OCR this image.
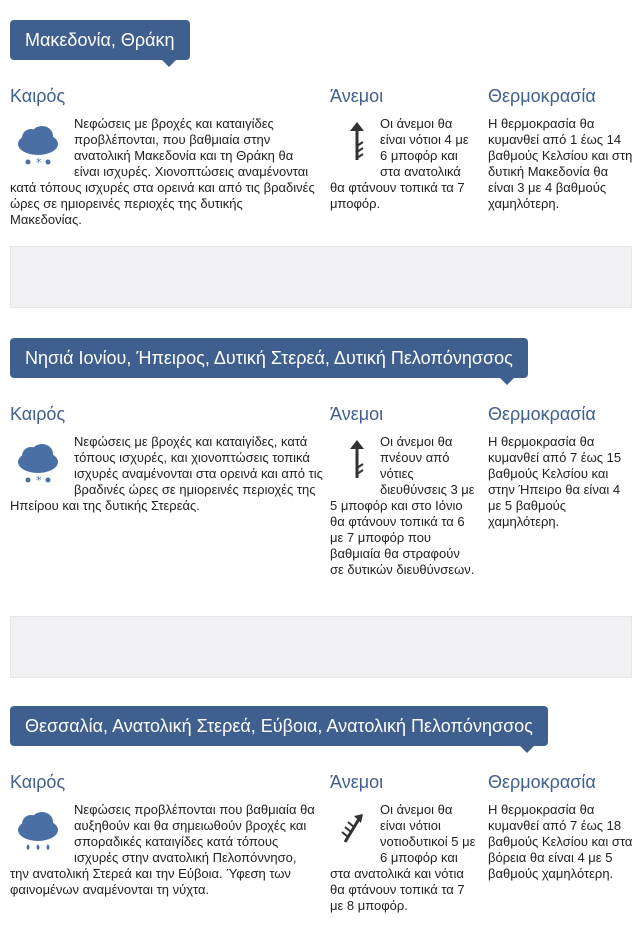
Μακεδονία, Θράκη
Καιρός
*
Νεφώσεις με βροχές και καταιγίδες προβλέπονται, που βαθμιαία στην ανατολική Μακεδονία και τη Θράκη θα είναι ισχυρές. Χιονοπτώσεις αναμένονται κατά τόπους ισχυρές στα ορεινά και από τις βραδινές ώρες σε ημιορεινές περιοχές της δυτικής Μακεδονίας.
Άνεμοι
Οι άνεμοι θα είναι νότιοι 4 με 6 μποφόρ και στα ανατολικά θα φτάνουν τοπικά τα 7 μποφόρ.
Θερμοκρασία
Η θερμοκρασία θα κυμανθεί από 1 έως 14 βαθμούς Κελσίου και στη δυτική Μακεδονία θα είναι 3 με 4 βαθμούς χαμηλότερη.
Νησιά Ιονίου, Ήπειρος, Δυτική Στερεά, Δυτική Πελοπόνησσος
Καιρός
*
Νεφώσεις με βροχές και καταιγίδες, κατά τόπους ισχυρές, και χιονοπτώσεις τοπικά ισχυρές αναμένονται στα ορεινά και από τις βραδινές ώρες σε ημιορεινές περιοχές της Ηπείρου και της δυτικής Στερεάς.
Άνεμοι
Οι άνεμοι θα πνέουν από νότιες διευθύνσεις 3 με 5 μποφόρ και στο Ιόνιο θα φτάνουν τοπικά τα 6 με 7 μποφόρ που βαθμιαία θα στραφούν σε δυτικών διευθύνσεων.
Θερμοκρασία
Η θερμοκρασία θα κυμανθεί από 7 έως 15 βαθμούς Κελσίου και στην Ήπειρο θα είναι 4 με 5 βαθμούς χαμηλότερη.
Θεσσαλία, Ανατολική Στερεά, Εύβοια, Ανατολική Πελοπόνησσος
Καιρός
Νεφώσεις προβλέπονται που βαθμιαία θα αυξηθούν και θα σημειωθούν βροχές και σποραδικές καταιγίδες κατά τόπους ισχυρές στην ανατολική Πελοπόννησο, την ανατολική Στερεά και την Εύβοια. Ύφεση των φαινομένων αναμένονται τη νύχτα.
Άνεμοι
Οι άνεμοι θα είναι νότιοι νοτιοδυτικοί 5 με 6 μποφόρ και στα ανατολικά και νότια θα φτάνουν τοπικά τα 7 με 8 μποφόρ.
Θερμοκρασία
Η θερμοκρασία θα κυμανθεί από 7 έως 18 βαθμούς Κελσίου και στα βόρεια θα είναι 4 με 5 βαθμούς χαμηλότερη.
